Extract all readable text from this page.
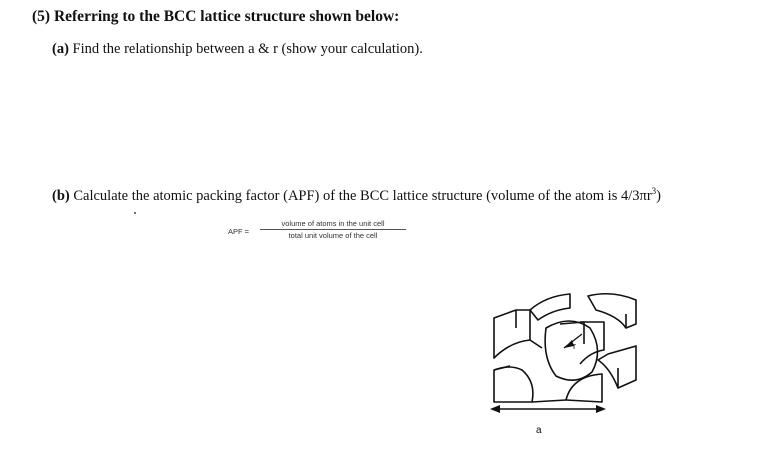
(5) Referring to the BCC lattice structure shown below:
(a) Find the relationship between a & r (show your calculation).
(b) Calculate the atomic packing factor (APF) of the BCC lattice structure (volume of the atom is $4/3\pi r^3$)
APF =
volume of atoms in the unit cell
total unit volume of the cell
r
a
